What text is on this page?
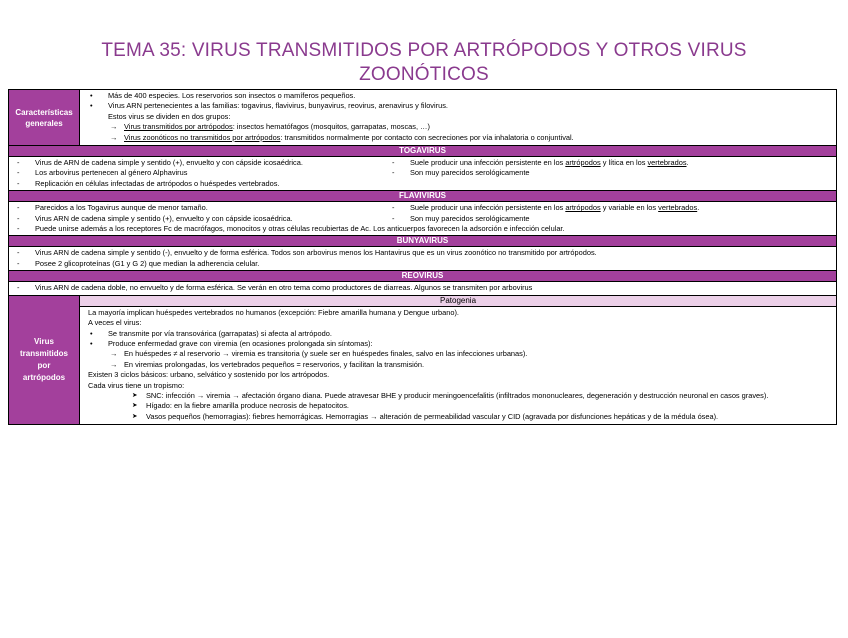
TEMA 35: VIRUS TRANSMITIDOS POR ARTRÓPODOS Y OTROS VIRUS
ZOONÓTICOS
Características generales
• Más de 400 especies. Los reservorios son insectos o mamíferos pequeños.
• Virus ARN pertenecientes a las familias: togavirus, flavivirus, bunyavirus, reovirus, arenavirus y filovirus.
Estos virus se dividen en dos grupos:
→ Virus transmitidos por artrópodos: insectos hematófagos (mosquitos, garrapatas, moscas, …)
→ Virus zoonóticos no transmitidos por artrópodos: transmitidos normalmente por contacto con secreciones por vía inhalatoria o conjuntival.
TOGAVIRUS
- Virus de ARN de cadena simple y sentido (+), envuelto y con cápside icosaédrica.
- Los arbovirus pertenecen al género Alphavirus
- Replicación en células infectadas de artrópodos o huéspedes vertebrados.
- Suele producir una infección persistente en los artrópodos y lítica en los vertebrados.
- Son muy parecidos serológicamente
FLAVIVIRUS
- Parecidos a los Togavirus aunque de menor tamaño.
- Virus ARN de cadena simple y sentido (+), envuelto y con cápside icosaédrica.
- Suele producir una infección persistente en los artrópodos y variable en los vertebrados.
- Son muy parecidos serológicamente
- Puede unirse además a los receptores Fc de macrófagos, monocitos y otras células recubiertas de Ac. Los anticuerpos favorecen la adsorción e infección celular.
BUNYAVIRUS
- Virus ARN de cadena simple y sentido (-), envuelto y de forma esférica. Todos son arbovirus menos los Hantavirus que es un virus zoonótico no transmitido por artrópodos.
- Posee 2 glicoproteínas (G1 y G 2) que median la adherencia celular.
REOVIRUS
- Virus ARN de cadena doble, no envuelto y de forma esférica. Se verán en otro tema como productores de diarreas. Algunos se transmiten por arbovirus
Virus
transmitidos
por
artrópodos
Patogenia
La mayoría implican huéspedes vertebrados no humanos (excepción: Fiebre amarilla humana y Dengue urbano).
A veces el virus:
• Se transmite por vía transovárica (garrapatas) si afecta al artrópodo.
• Produce enfermedad grave con viremia (en ocasiones prolongada sin síntomas):
→ En huéspedes ≠ al reservorio → viremia es transitoria (y suele ser en huéspedes finales, salvo en las infecciones urbanas).
→ En viremias prolongadas, los vertebrados pequeños = reservorios, y facilitan la transmisión.
Existen 3 ciclos básicos: urbano, selvático y sostenido por los artrópodos.
Cada virus tiene un tropismo:
➤ SNC: infección → viremia → afectación órgano diana. Puede atravesar BHE y producir meningoencefalitis (infiltrados mononucleares, degeneración y destrucción neuronal en casos graves).
➤ Hígado: en la fiebre amarilla produce necrosis de hepatocitos.
➤ Vasos pequeños (hemorragias): fiebres hemorrágicas. Hemorragias → alteración de permeabilidad vascular y CID (agravada por disfunciones hepáticas y de la médula ósea).
